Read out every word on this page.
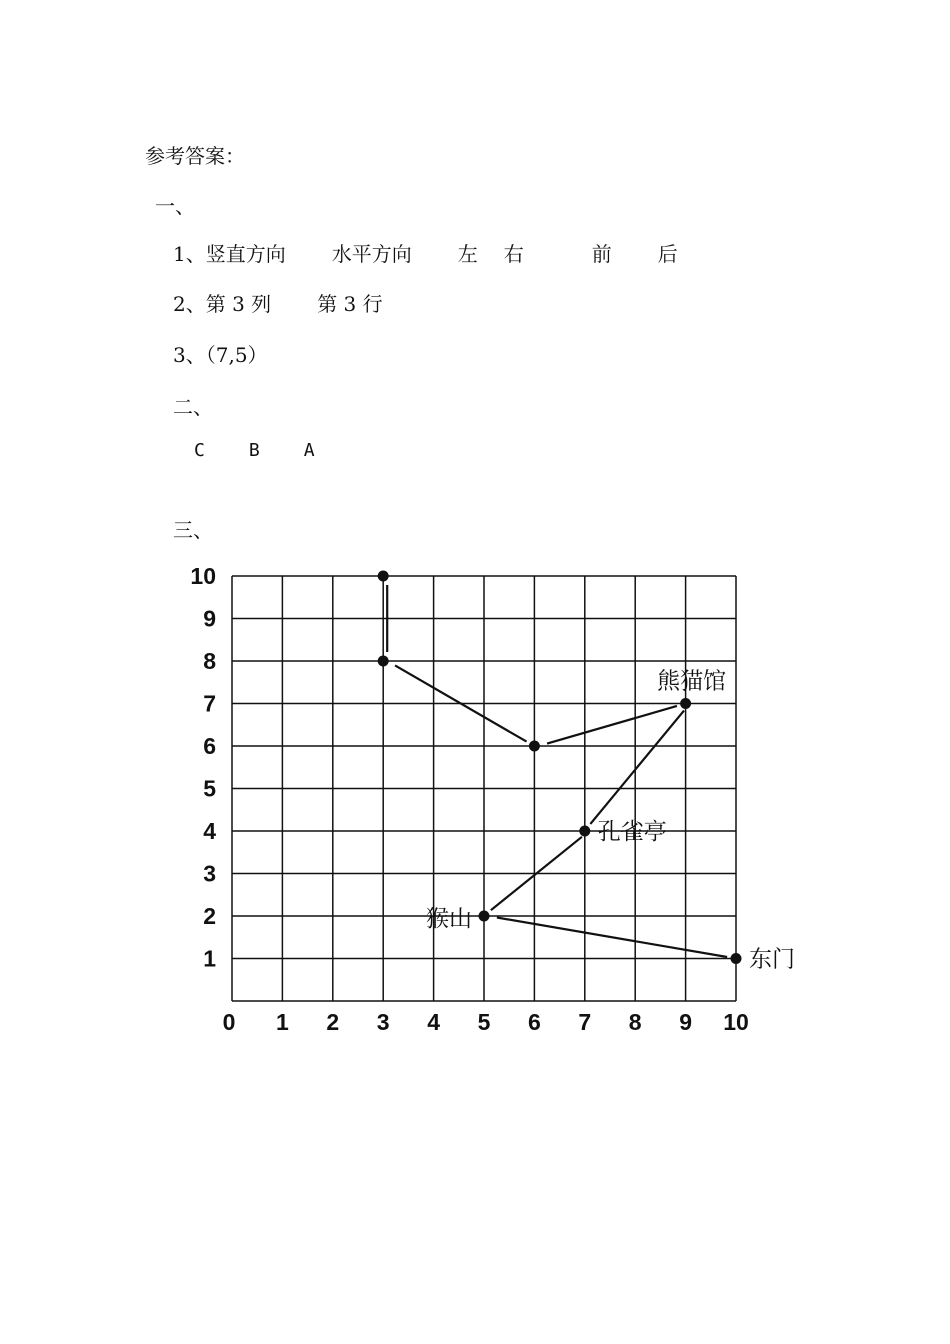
参考答案：
一、
1、竖直方向 水平方向 左 右	前 后
2、第 3 列 第 3 行
3、（7,5）
二、
C B A
三、
0 1 2 3 4 5 6 7 8 9 10
1
2
3
4
5
6
7
8
9
10
熊猫馆
孔雀亭
猴山
东门
